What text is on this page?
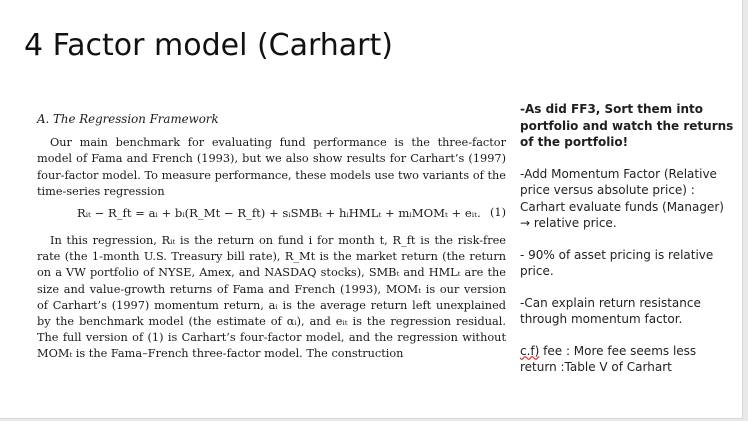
4 Factor model (Carhart)
A. The Regression Framework

Our main benchmark for evaluating fund performance is the three-factor model of Fama and French (1993), but we also show results for Carhart’s (1997) four-factor model. To measure performance, these models use two variants of the time-series regression

Rᵢₜ − R_ft = aᵢ + bᵢ(R_Mt − R_ft) + sᵢSMBₜ + hᵢHMLₜ + mᵢMOMₜ + eᵢₜ. (1)

In this regression, Rᵢₜ is the return on fund i for month t, R_ft is the risk-free rate (the 1-month U.S. Treasury bill rate), R_Mt is the market return (the return on a VW portfolio of NYSE, Amex, and NASDAQ stocks), SMBₜ and HMLₜ are the size and value-growth returns of Fama and French (1993), MOMₜ is our version of Carhart’s (1997) momentum return, aᵢ is the average return left unexplained by the benchmark model (the estimate of αᵢ), and eᵢₜ is the regression residual. The full version of (1) is Carhart’s four-factor model, and the regression without MOMₜ is the Fama–French three-factor model. The construction

-As did FF3, Sort them into portfolio and watch the returns of the portfolio!

-Add Momentum Factor (Relative price versus absolute price) : Carhart evaluate funds (Manager) → relative price.

- 90% of asset pricing is relative price.

-Can explain return resistance through momentum factor.

c.f) fee : More fee seems less return :Table V of Carhart
